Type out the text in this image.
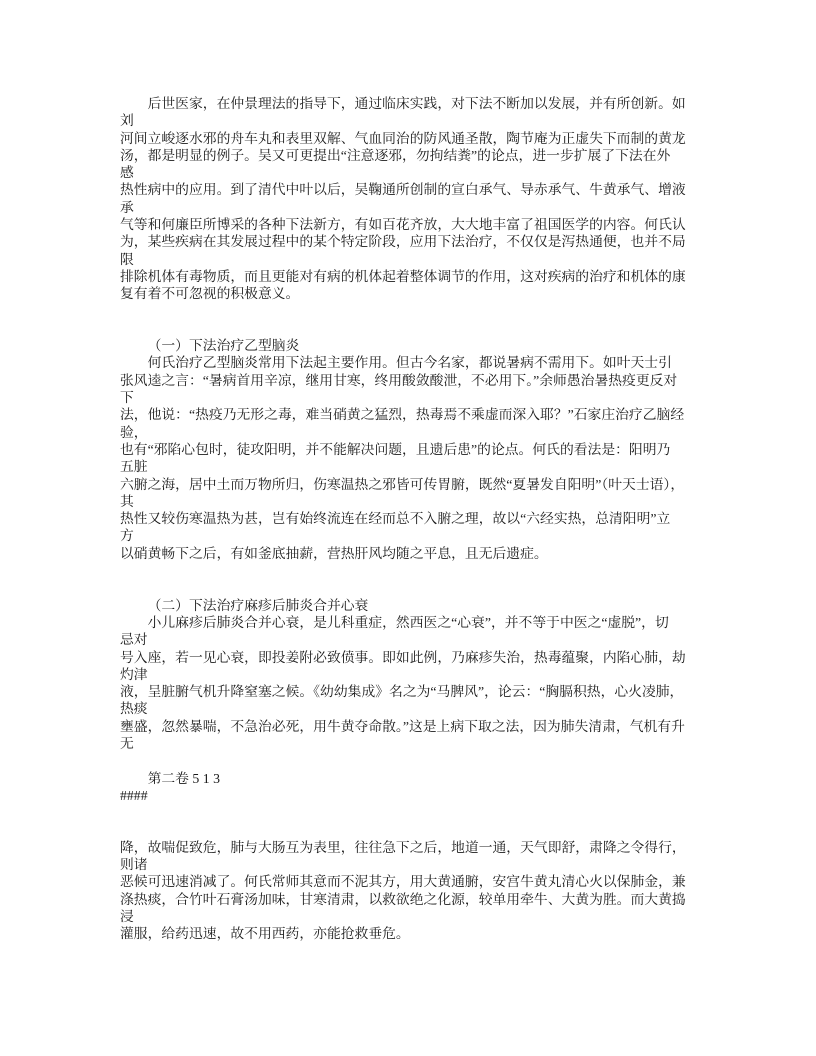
后世医家，在仲景理法的指导下，通过临床实践，对下法不断加以发展，并有所创新。如
刘
河间立峻逐水邪的舟车丸和表里双解、气血同治的防风通圣散，陶节庵为正虚失下而制的黄龙
汤，都是明显的例子。吴又可更提出“注意逐邪，勿拘结粪”的论点，进一步扩展了下法在外
感
热性病中的应用。到了清代中叶以后，吴鞠通所创制的宣白承气、导赤承气、牛黄承气、增液
承
气等和何廉臣所博采的各种下法新方，有如百花齐放，大大地丰富了祖国医学的内容。何氏认
为，某些疾病在其发展过程中的某个特定阶段，应用下法治疗，不仅仅是泻热通便，也并不局
限
排除机体有毒物质，而且更能对有病的机体起着整体调节的作用，这对疾病的治疗和机体的康
复有着不可忽视的积极意义。
（一）下法治疗乙型脑炎
何氏治疗乙型脑炎常用下法起主要作用。但古今名家，都说暑病不需用下。如叶天士引
张风逵之言：“暑病首用辛凉，继用甘寒，终用酸敛酸泄，不必用下。”余师愚治暑热疫更反对
下
法，他说：“热疫乃无形之毒，难当硝黄之猛烈，热毒焉不乘虚而深入耶？”石家庄治疗乙脑经
验，
也有“邪陷心包时，徒攻阳明，并不能解决问题，且遗后患”的论点。何氏的看法是：阳明乃
五脏
六腑之海，居中土而万物所归，伤寒温热之邪皆可传胃腑，既然“夏暑发自阳明”（叶天士语），
其
热性又较伤寒温热为甚，岂有始终流连在经而总不入腑之理，故以“六经实热，总清阳明”立
方
以硝黄畅下之后，有如釜底抽薪，营热肝风均随之平息，且无后遗症。
（二）下法治疗麻疹后肺炎合并心衰
小儿麻疹后肺炎合并心衰，是儿科重症，然西医之“心衰”，并不等于中医之“虚脱”，切
忌对
号入座，若一见心衰，即投姜附必致偾事。即如此例，乃麻疹失治，热毒蕴聚，内陷心肺，劫
灼津
液，呈脏腑气机升降窒塞之候。《幼幼集成》名之为“马脾风”，论云：“胸膈积热，心火凌肺，
热痰
壅盛，忽然暴喘，不急治必死，用牛黄夺命散。”这是上病下取之法，因为肺失清肃，气机有升
无
第二卷 5 1 3
####
降，故喘促致危，肺与大肠互为表里，往往急下之后，地道一通，天气即舒，肃降之令得行，
则诸
恶候可迅速消减了。何氏常师其意而不泥其方，用大黄通腑，安宫牛黄丸清心火以保肺金，兼
涤热痰，合竹叶石膏汤加味，甘寒清肃，以救欲绝之化源，较单用牵牛、大黄为胜。而大黄捣
浸
灌服，给药迅速，故不用西药，亦能抢救垂危。
